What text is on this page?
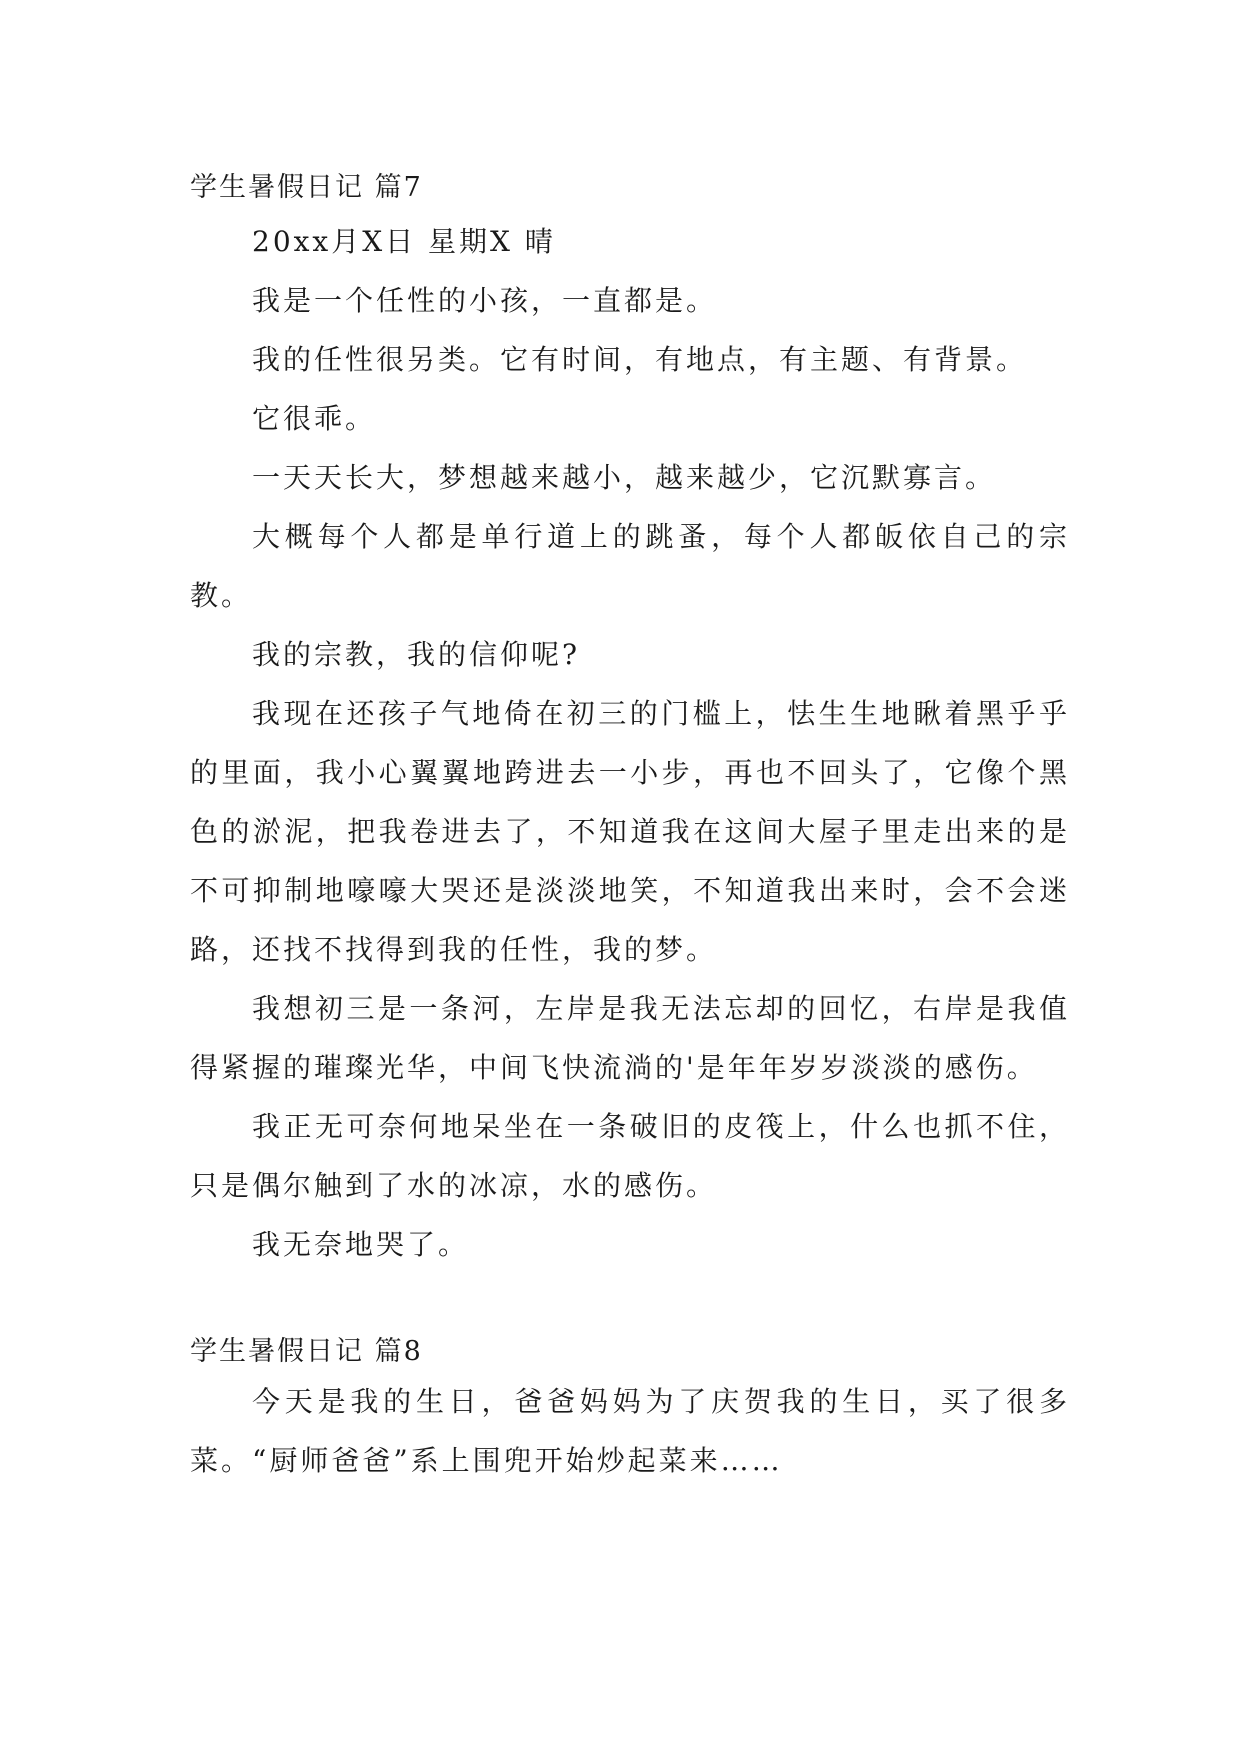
学生暑假日记 篇7

20xx月X日 星期X 晴

我是一个任性的小孩，一直都是。

我的任性很另类。它有时间，有地点，有主题、有背景。

它很乖。

一天天长大，梦想越来越小，越来越少，它沉默寡言。

大概每个人都是单行道上的跳蚤，每个人都皈依自己的宗教。

我的宗教，我的信仰呢?

我现在还孩子气地倚在初三的门槛上，怯生生地瞅着黑乎乎的里面，我小心翼翼地跨进去一小步，再也不回头了，它像个黑色的淤泥，把我卷进去了，不知道我在这间大屋子里走出来的是不可抑制地嚎嚎大哭还是淡淡地笑，不知道我出来时，会不会迷路，还找不找得到我的任性，我的梦。

我想初三是一条河，左岸是我无法忘却的回忆，右岸是我值得紧握的璀璨光华，中间飞快流淌的'是年年岁岁淡淡的感伤。

我正无可奈何地呆坐在一条破旧的皮筏上，什么也抓不住，只是偶尔触到了水的冰凉，水的感伤。

我无奈地哭了。

学生暑假日记 篇8

今天是我的生日，爸爸妈妈为了庆贺我的生日，买了很多菜。“厨师爸爸”系上围兜开始炒起菜来……
